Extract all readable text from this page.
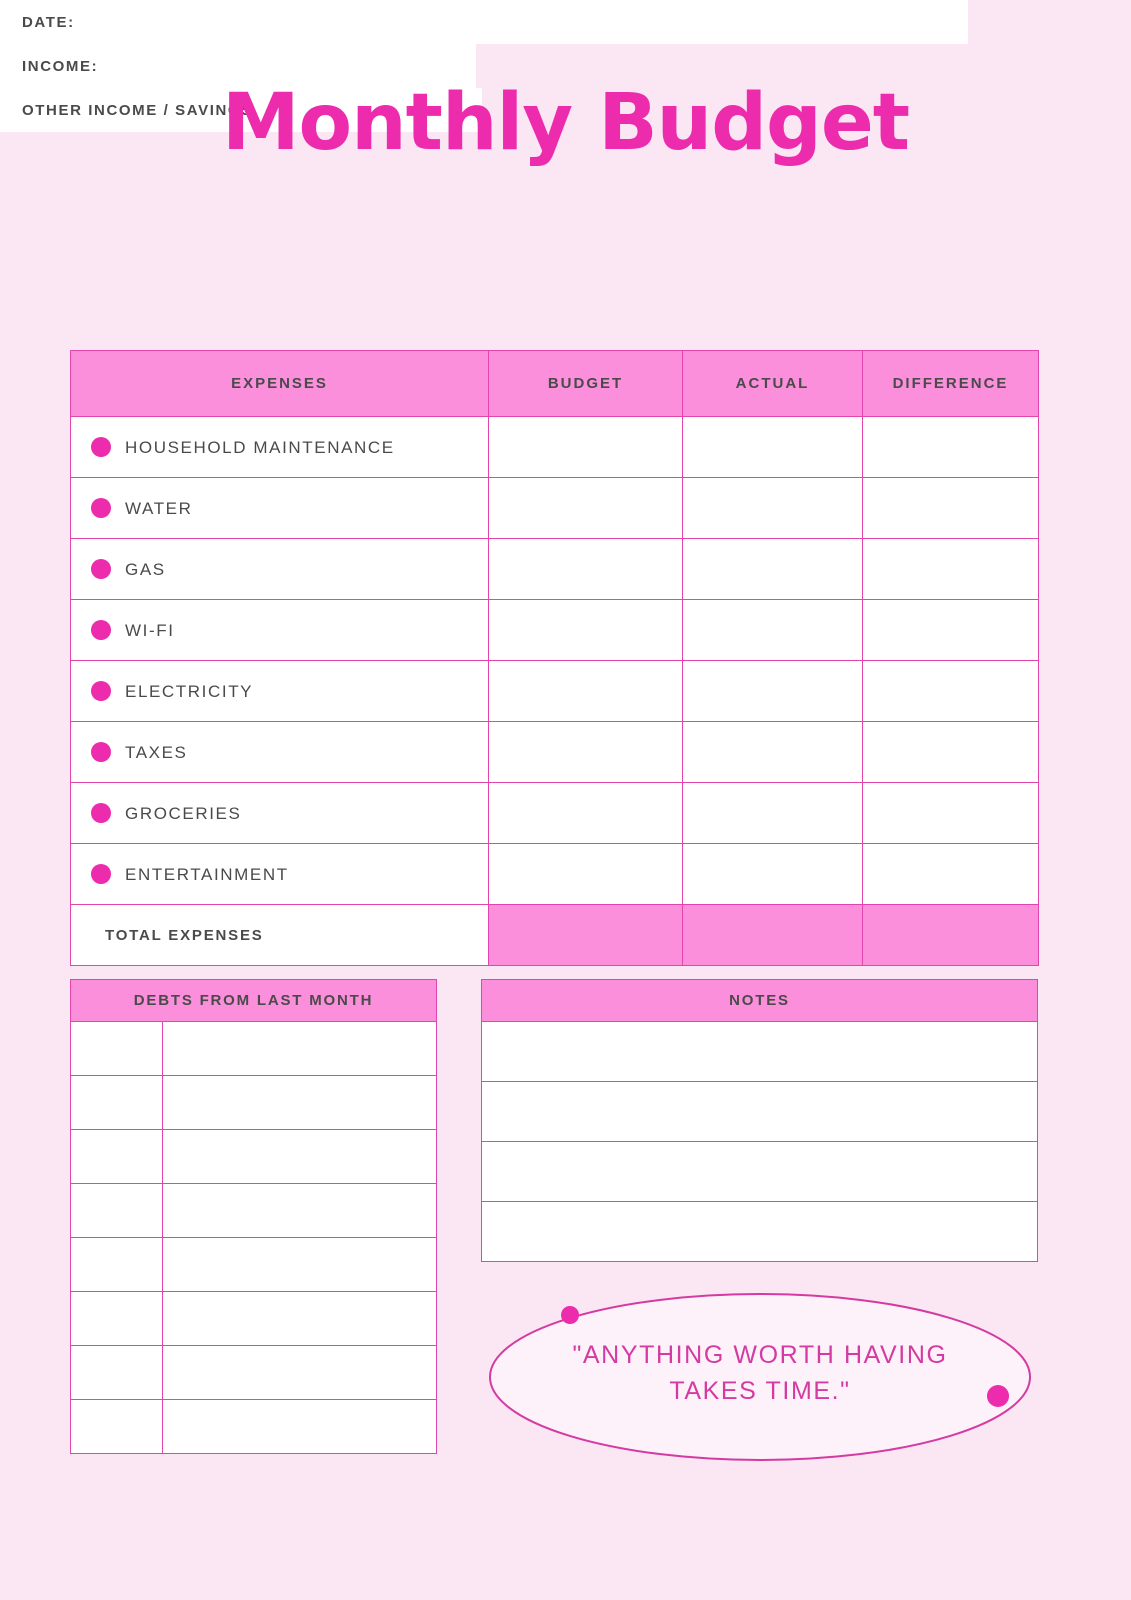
Monthly Budget
DATE:
INCOME:
OTHER INCOME / SAVINGS
EXPENSES	BUDGET	ACTUAL	DIFFERENCE
HOUSEHOLD MAINTENANCE			
WATER			
GAS			
WI-FI			
ELECTRICITY			
TAXES			
GROCERIES			
ENTERTAINMENT			
TOTAL EXPENSES			
DEBTS FROM LAST MONTH	

		NOTES

"ANYTHING WORTH HAVING TAKES TIME."
